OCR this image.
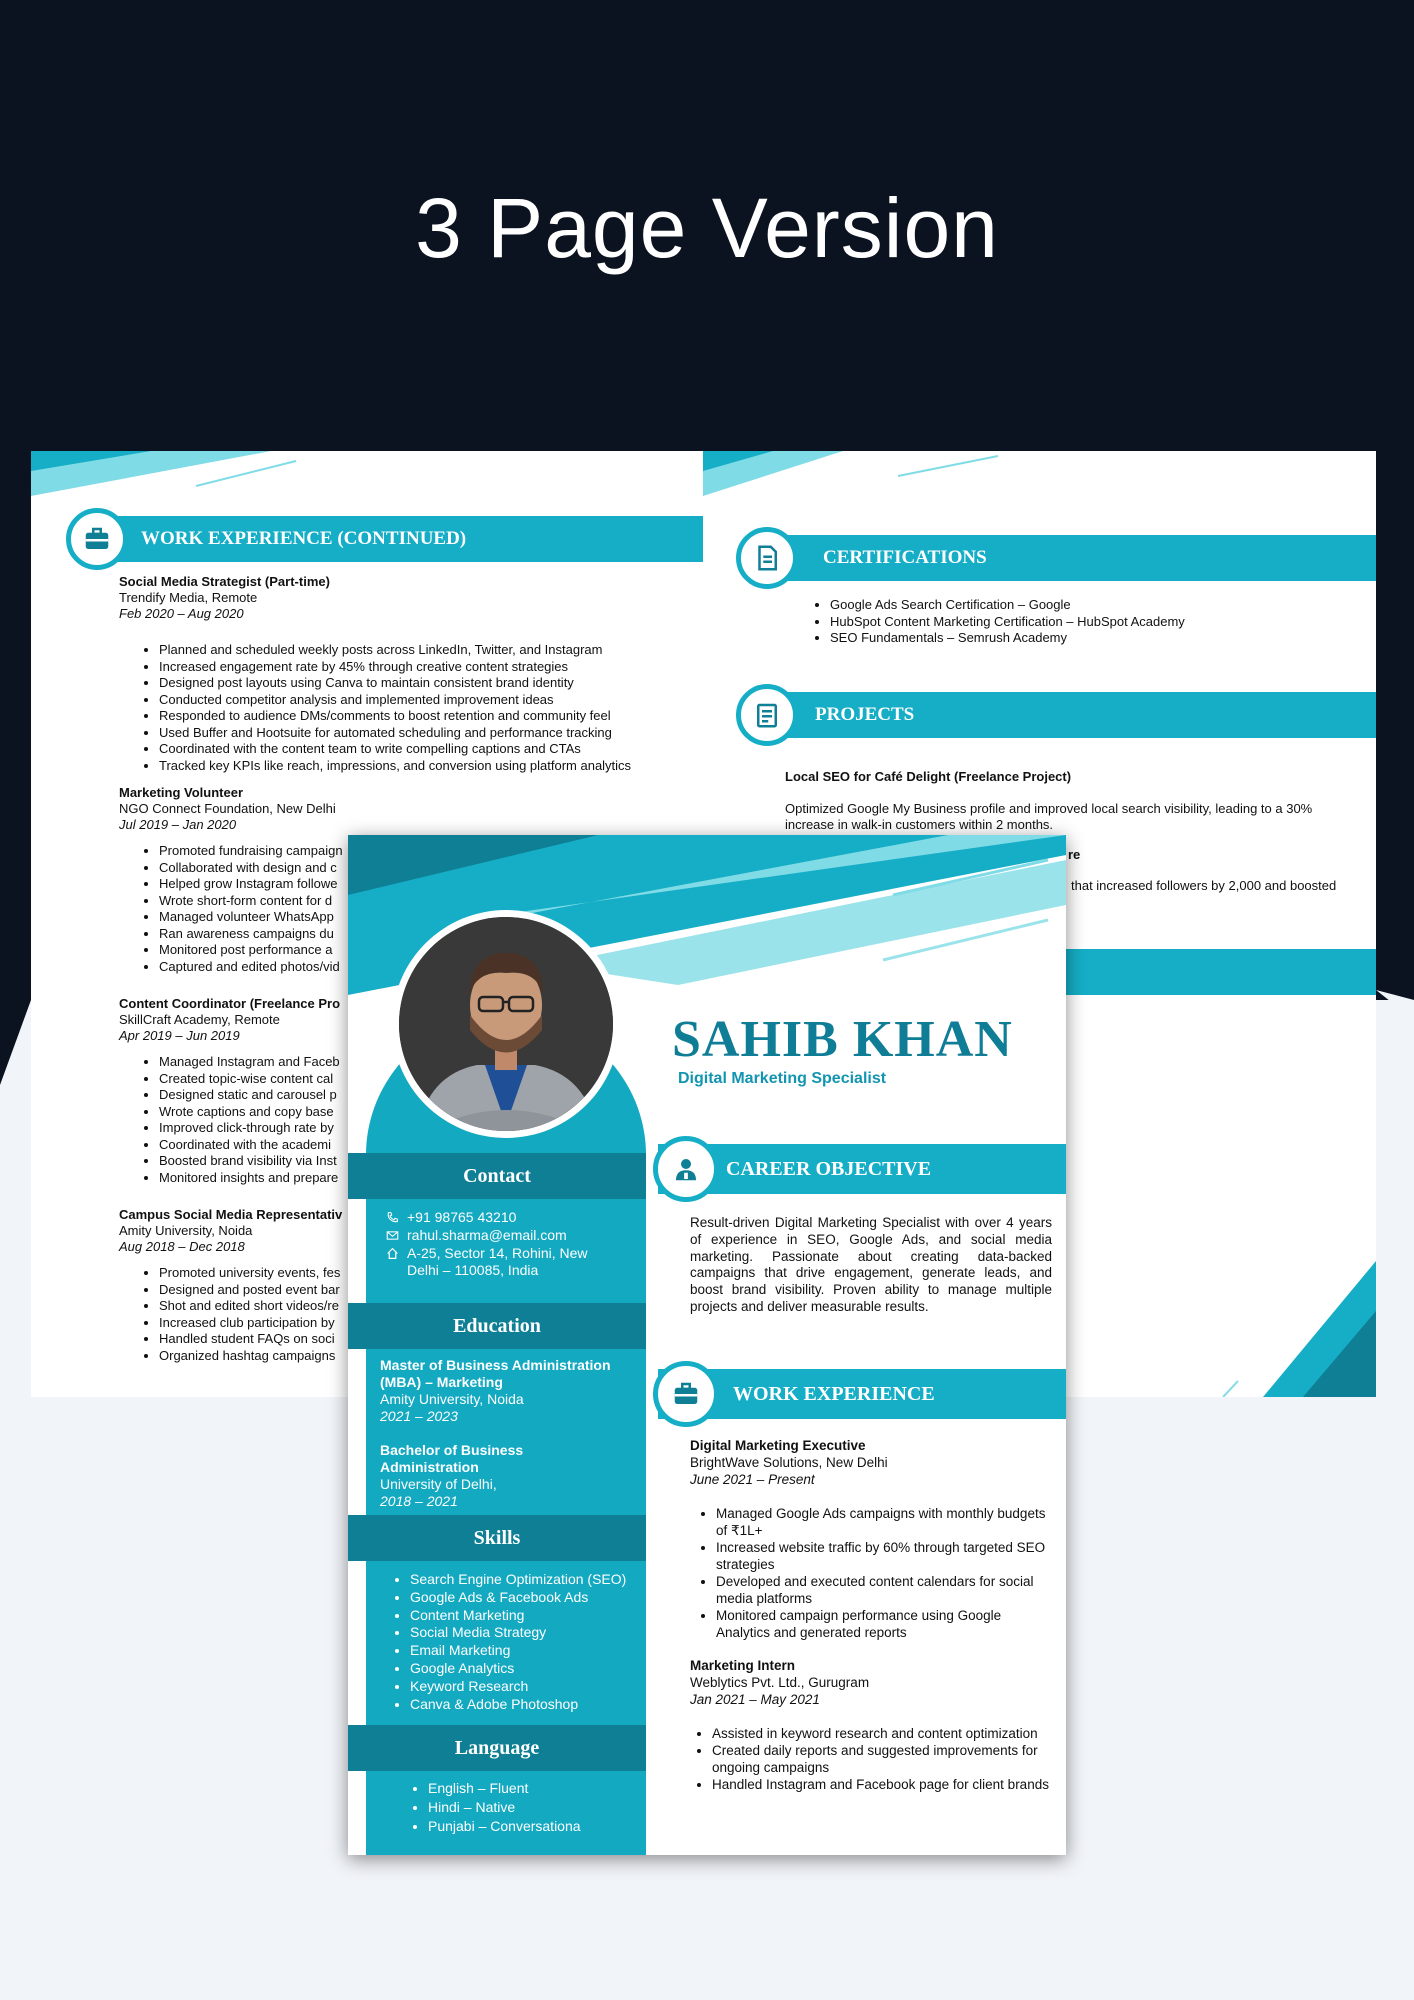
3 Page Version
WORK EXPERIENCE (CONTINUED)
Social Media Strategist (Part-time)
Trendify Media, Remote
Feb 2020 – Aug 2020
• Planned and scheduled weekly posts across LinkedIn, Twitter, and Instagram
• Increased engagement rate by 45% through creative content strategies
• Designed post layouts using Canva to maintain consistent brand identity
• Conducted competitor analysis and implemented improvement ideas
• Responded to audience DMs/comments to boost retention and community feel
• Used Buffer and Hootsuite for automated scheduling and performance tracking
• Coordinated with the content team to write compelling captions and CTAs
• Tracked key KPIs like reach, impressions, and conversion using platform analytics
Marketing Volunteer
NGO Connect Foundation, New Delhi
Jul 2019 – Jan 2020
• Promoted fundraising campaign
• Collaborated with design and c
• Helped grow Instagram followe
• Wrote short-form content for d
• Managed volunteer WhatsApp
• Ran awareness campaigns du
• Monitored post performance a
• Captured and edited photos/vid
Content Coordinator (Freelance Pro
SkillCraft Academy, Remote
Apr 2019 – Jun 2019
• Managed Instagram and Faceb
• Created topic-wise content cal
• Designed static and carousel p
• Wrote captions and copy base
• Improved click-through rate by
• Coordinated with the academi
• Boosted brand visibility via Inst
• Monitored insights and prepare
Campus Social Media Representativ
Amity University, Noida
Aug 2018 – Dec 2018
• Promoted university events, fes
• Designed and posted event bar
• Shot and edited short videos/re
• Increased club participation by
• Handled student FAQs on soci
• Organized hashtag campaigns
CERTIFICATIONS
• Google Ads Search Certification – Google
• HubSpot Content Marketing Certification – HubSpot Academy
• SEO Fundamentals – Semrush Academy
PROJECTS
Local SEO for Café Delight (Freelance Project)
Optimized Google My Business profile and improved local search visibility, leading to a 30% increase in walk-in customers within 2 months.
re
that increased followers by 2,000 and boosted
Contact
+91 98765 43210
rahul.sharma@email.com
A-25, Sector 14, Rohini, New Delhi – 110085, India
Education
Master of Business Administration (MBA) – Marketing
Amity University, Noida
2021 – 2023
Bachelor of Business Administration
University of Delhi,
2018 – 2021
Skills
• Search Engine Optimization (SEO)
• Google Ads & Facebook Ads
• Content Marketing
• Social Media Strategy
• Email Marketing
• Google Analytics
• Keyword Research
• Canva & Adobe Photoshop
Language
• English – Fluent
• Hindi – Native
• Punjabi – Conversationa
SAHIB KHAN
Digital Marketing Specialist
CAREER OBJECTIVE
Result-driven Digital Marketing Specialist with over 4 years of experience in SEO, Google Ads, and social media marketing. Passionate about creating data-backed campaigns that drive engagement, generate leads, and boost brand visibility. Proven ability to manage multiple projects and deliver measurable results.
WORK EXPERIENCE
Digital Marketing Executive
BrightWave Solutions, New Delhi
June 2021 – Present
• Managed Google Ads campaigns with monthly budgets of ₹1L+
• Increased website traffic by 60% through targeted SEO strategies
• Developed and executed content calendars for social media platforms
• Monitored campaign performance using Google Analytics and generated reports
Marketing Intern
Weblytics Pvt. Ltd., Gurugram
Jan 2021 – May 2021
• Assisted in keyword research and content optimization
• Created daily reports and suggested improvements for ongoing campaigns
• Handled Instagram and Facebook page for client brands
